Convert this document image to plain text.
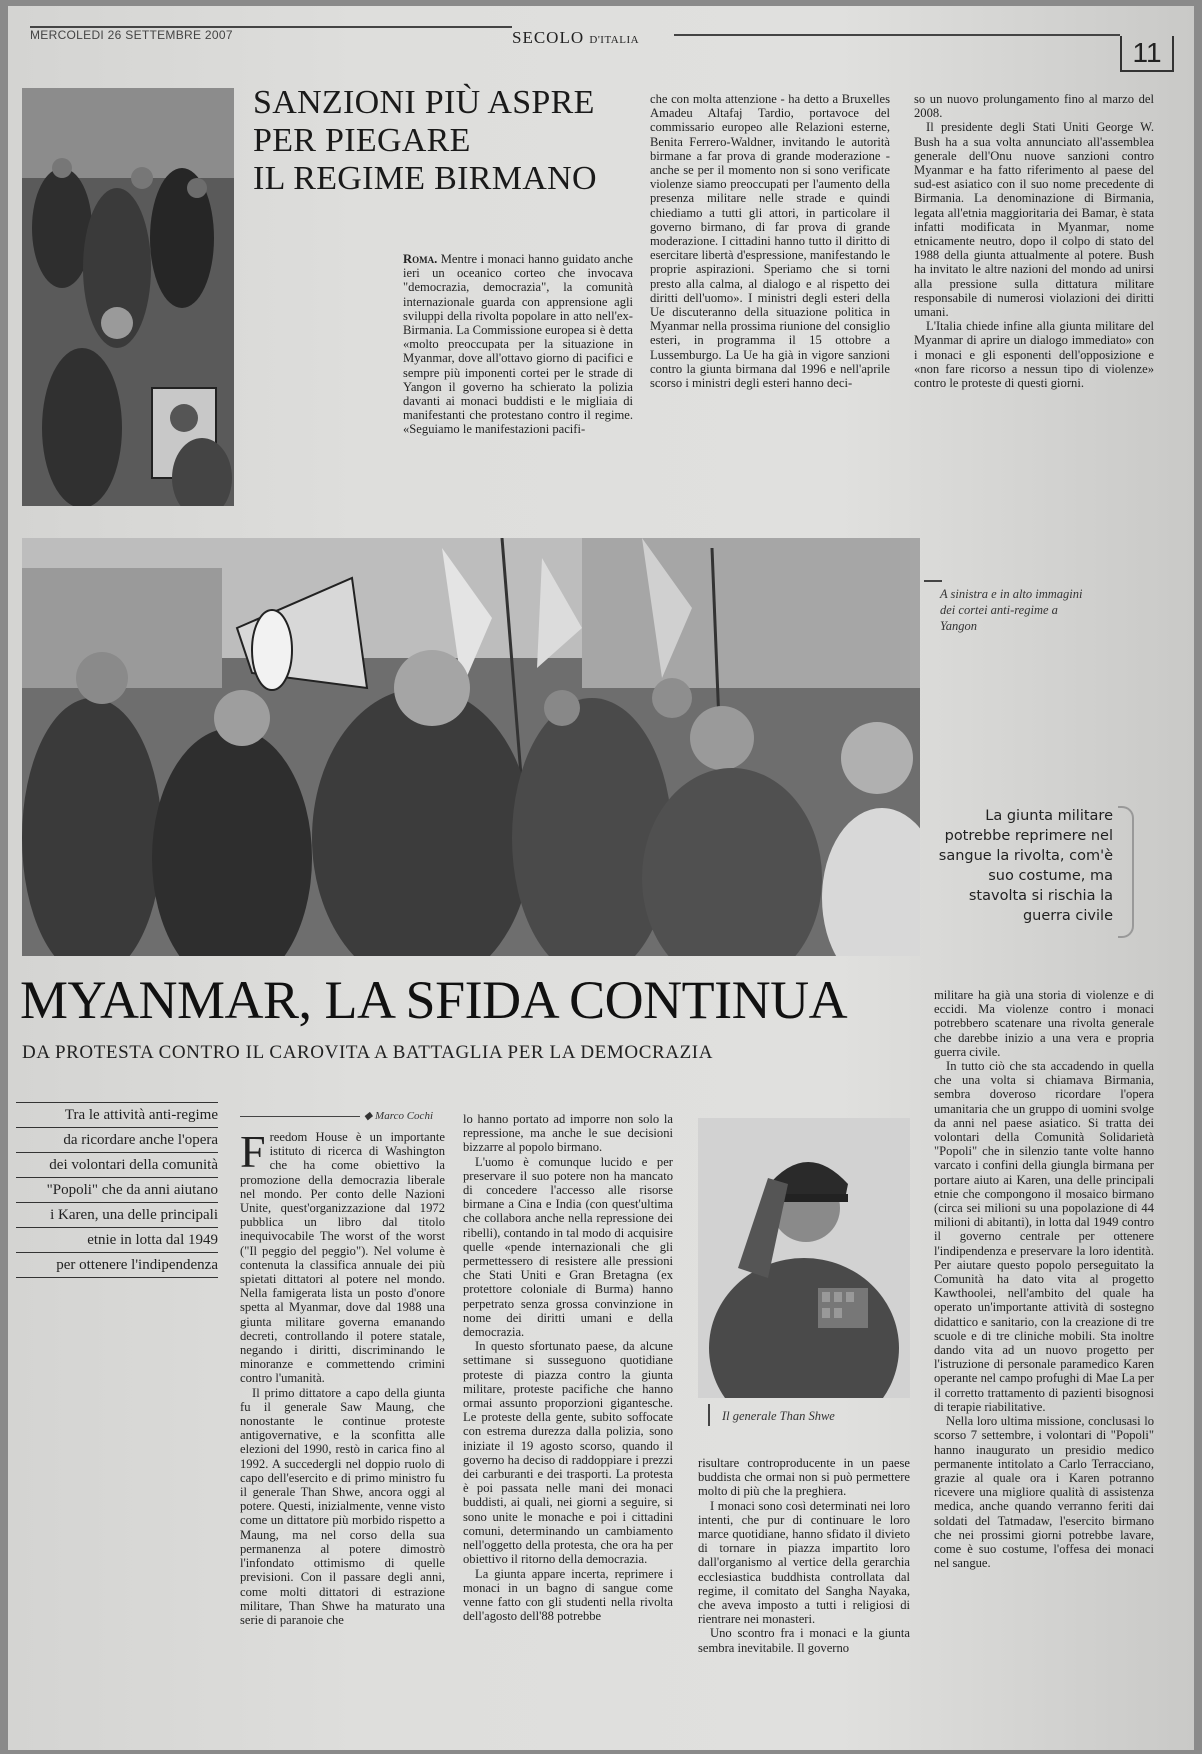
MERCOLEDI 26 SETTEMBRE 2007	SECOLO D'ITALIA	11
SANZIONI PIÙ ASPRE
PER PIEGARE
IL REGIME BIRMANO

Roma. Mentre i monaci hanno guidato anche ieri un oceanico corteo che invocava "democrazia, democrazia", la comunità internazionale guarda con apprensione agli sviluppi della rivolta popolare in atto nell'ex-Birmania. La Commissione europea si è detta «molto preoccupata per la situazione in Myanmar, dove all'ottavo giorno di pacifici e sempre più imponenti cortei per le strade di Yangon il governo ha schierato la polizia davanti ai monaci buddisti e le migliaia di manifestanti che protestano contro il regime. «Seguiamo le manifestazioni pacifi-

che con molta attenzione - ha detto a Bruxelles Amadeu Altafaj Tardio, portavoce del commissario europeo alle Relazioni esterne, Benita Ferrero-Waldner, invitando le autorità birmane a far prova di grande moderazione - anche se per il momento non si sono verificate violenze siamo preoccupati per l'aumento della presenza militare nelle strade e quindi chiediamo a tutti gli attori, in particolare il governo birmano, di far prova di grande moderazione. I cittadini hanno tutto il diritto di esercitare libertà d'espressione, manifestando le proprie aspirazioni. Speriamo che si torni presto alla calma, al dialogo e al rispetto dei diritti dell'uomo». I ministri degli esteri della Ue discuteranno della situazione politica in Myanmar nella prossima riunione del consiglio esteri, in programma il 15 ottobre a Lussemburgo. La Ue ha già in vigore sanzioni contro la giunta birmana dal 1996 e nell'aprile scorso i ministri degli esteri hanno deci-

so un nuovo prolungamento fino al marzo del 2008.

Il presidente degli Stati Uniti George W. Bush ha a sua volta annunciato all'assemblea generale dell'Onu nuove sanzioni contro Myanmar e ha fatto riferimento al paese del sud-est asiatico con il suo nome precedente di Birmania. La denominazione di Birmania, legata all'etnia maggioritaria dei Bamar, è stata infatti modificata in Myanmar, nome etnicamente neutro, dopo il colpo di stato del 1988 della giunta attualmente al potere. Bush ha invitato le altre nazioni del mondo ad unirsi alla pressione sulla dittatura militare responsabile di numerosi violazioni dei diritti umani.

L'Italia chiede infine alla giunta militare del Myanmar di aprire un dialogo immediato» con i monaci e gli esponenti dell'opposizione e «non fare ricorso a nessun tipo di violenze» contro le proteste di questi giorni.

A sinistra e in alto immagini dei cortei anti-regime a Yangon
La giunta militare potrebbe reprimere nel sangue la rivolta, com'è suo costume, ma stavolta si rischia la guerra civile
MYANMAR, LA SFIDA CONTINUA
DA PROTESTA CONTRO IL CAROVITA A BATTAGLIA PER LA DEMOCRAZIA
Tra le attività anti-regime
da ricordare anche l'opera
dei volontari della comunità
"Popoli" che da anni aiutano
i Karen, una delle principali
etnie in lotta dal 1949
per ottenere l'indipendenza
◆ Marco Cochi

Freedom House è un importante istituto di ricerca di Washington che ha come obiettivo la promozione della democrazia liberale nel mondo. Per conto delle Nazioni Unite, quest'organizzazione dal 1972 pubblica un libro dal titolo inequivocabile The worst of the worst ("Il peggio del peggio"). Nel volume è contenuta la classifica annuale dei più spietati dittatori al potere nel mondo. Nella famigerata lista un posto d'onore spetta al Myanmar, dove dal 1988 una giunta militare governa emanando decreti, controllando il potere statale, negando i diritti, discriminando le minoranze e commettendo crimini contro l'umanità.

Il primo dittatore a capo della giunta fu il generale Saw Maung, che nonostante le continue proteste antigovernative, e la sconfitta alle elezioni del 1990, restò in carica fino al 1992. A succedergli nel doppio ruolo di capo dell'esercito e di primo ministro fu il generale Than Shwe, ancora oggi al potere. Questi, inizialmente, venne visto come un dittatore più morbido rispetto a Maung, ma nel corso della sua permanenza al potere dimostrò l'infondato ottimismo di quelle previsioni. Con il passare degli anni, come molti dittatori di estrazione militare, Than Shwe ha maturato una serie di paranoie che

lo hanno portato ad imporre non solo la repressione, ma anche le sue decisioni bizzarre al popolo birmano.

L'uomo è comunque lucido e per preservare il suo potere non ha mancato di concedere l'accesso alle risorse birmane a Cina e India (con quest'ultima che collabora anche nella repressione dei ribelli), contando in tal modo di acquisire quelle «pende internazionali che gli permettessero di resistere alle pressioni che Stati Uniti e Gran Bretagna (ex protettore coloniale di Burma) hanno perpetrato senza grossa convinzione in nome dei diritti umani e della democrazia.

In questo sfortunato paese, da alcune settimane si susseguono quotidiane proteste di piazza contro la giunta militare, proteste pacifiche che hanno ormai assunto proporzioni gigantesche. Le proteste della gente, subito soffocate con estrema durezza dalla polizia, sono iniziate il 19 agosto scorso, quando il governo ha deciso di raddoppiare i prezzi dei carburanti e dei trasporti. La protesta è poi passata nelle mani dei monaci buddisti, ai quali, nei giorni a seguire, si sono unite le monache e poi i cittadini comuni, determinando un cambiamento nell'oggetto della protesta, che ora ha per obiettivo il ritorno della democrazia.

La giunta appare incerta, reprimere i monaci in un bagno di sangue come venne fatto con gli studenti nella rivolta dell'agosto dell'88 potrebbe

Il generale Than Shwe

risultare controproducente in un paese buddista che ormai non si può permettere molto di più che la preghiera.

I monaci sono così determinati nei loro intenti, che pur di continuare le loro marce quotidiane, hanno sfidato il divieto di tornare in piazza impartito loro dall'organismo al vertice della gerarchia ecclesiastica buddhista controllata dal regime, il comitato del Sangha Nayaka, che aveva imposto a tutti i religiosi di rientrare nei monasteri.

Uno scontro fra i monaci e la giunta sembra inevitabile. Il governo

militare ha già una storia di violenze e di eccidi. Ma violenze contro i monaci potrebbero scatenare una rivolta generale che darebbe inizio a una vera e propria guerra civile.

In tutto ciò che sta accadendo in quella che una volta si chiamava Birmania, sembra doveroso ricordare l'opera umanitaria che un gruppo di uomini svolge da anni nel paese asiatico. Si tratta dei volontari della Comunità Solidarietà "Popoli" che in silenzio tante volte hanno varcato i confini della giungla birmana per portare aiuto ai Karen, una delle principali etnie che compongono il mosaico birmano (circa sei milioni su una popolazione di 44 milioni di abitanti), in lotta dal 1949 contro il governo centrale per ottenere l'indipendenza e preservare la loro identità. Per aiutare questo popolo perseguitato la Comunità ha dato vita al progetto Kawthoolei, nell'ambito del quale ha operato un'importante attività di sostegno didattico e sanitario, con la creazione di tre scuole e di tre cliniche mobili. Sta inoltre dando vita ad un nuovo progetto per l'istruzione di personale paramedico Karen operante nel campo profughi di Mae La per il corretto trattamento di pazienti bisognosi di terapie riabilitative.

Nella loro ultima missione, conclusasi lo scorso 7 settembre, i volontari di "Popoli" hanno inaugurato un presidio medico permanente intitolato a Carlo Terracciano, grazie al quale ora i Karen potranno ricevere una migliore qualità di assistenza medica, anche quando verranno feriti dai soldati del Tatmadaw, l'esercito birmano che nei prossimi giorni potrebbe lavare, come è suo costume, l'offesa dei monaci nel sangue.
